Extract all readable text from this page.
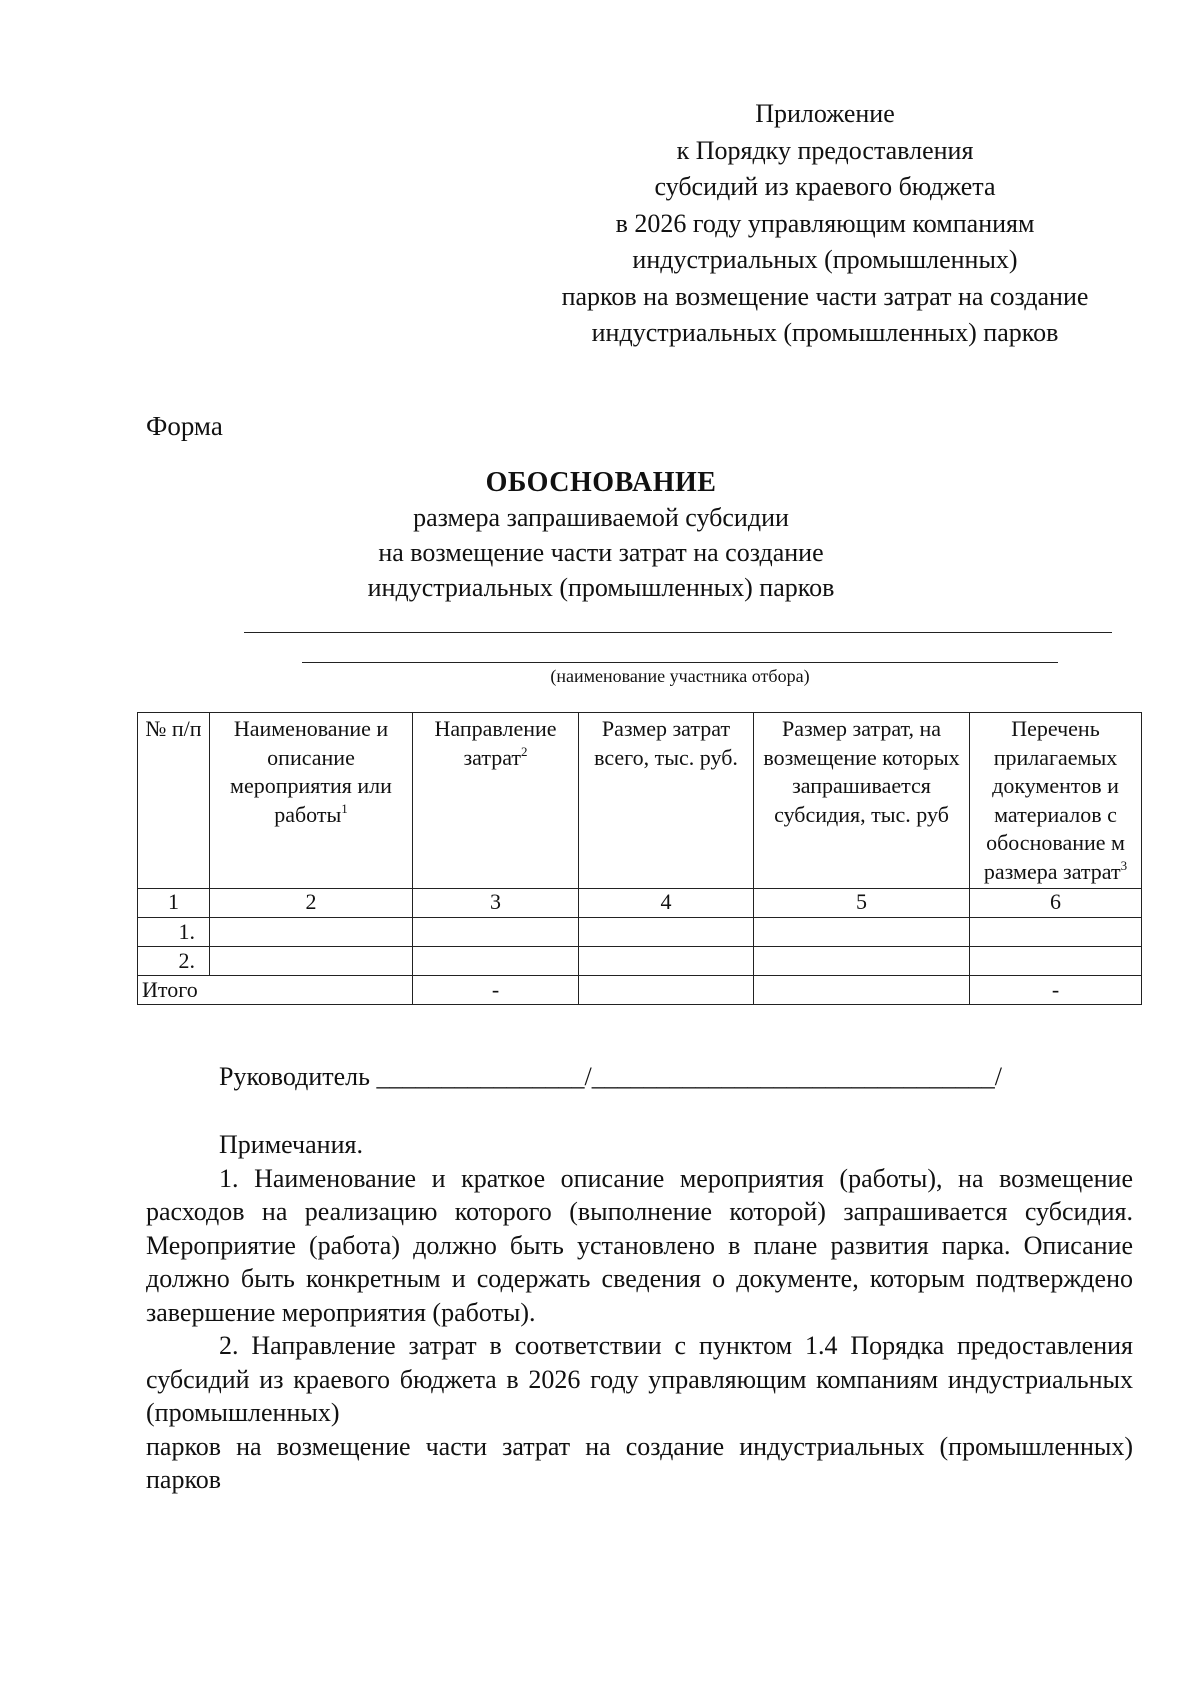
Приложение
к Порядку предоставления
субсидий из краевого бюджета
в 2026 году управляющим компаниям
индустриальных (промышленных)
парков на возмещение части затрат на создание
индустриальных (промышленных) парков
Форма
ОБОСНОВАНИЕ
размера запрашиваемой субсидии
на возмещение части затрат на создание
индустриальных (промышленных) парков
(наименование участника отбора)
№ п/п	Наименование и описание мероприятия или работы$^1$	Направление затрат$^2$	Размер затрат всего, тыс. руб.	Размер затрат, на возмещение которых запрашивается субсидия, тыс. руб	Перечень прилагаемых документов и материалов с обоснование м размера затрат$^3$
1	2	3	4	5	6
1.					
2.					
Итого		-			-
Руководитель ________________/_______________________________/

Примечания.

1. Наименование и краткое описание мероприятия (работы), на возмещение расходов на реализацию которого (выполнение которой) запрашивается субсидия. Мероприятие (работа) должно быть установлено в плане развития парка. Описание должно быть конкретным и содержать сведения о документе, которым подтверждено завершение мероприятия (работы).

2. Направление затрат в соответствии с пунктом 1.4 Порядка предоставления субсидий из краевого бюджета в 2026 году управляющим компаниям индустриальных (промышленных)

парков на возмещение части затрат на создание индустриальных (промышленных) парков
